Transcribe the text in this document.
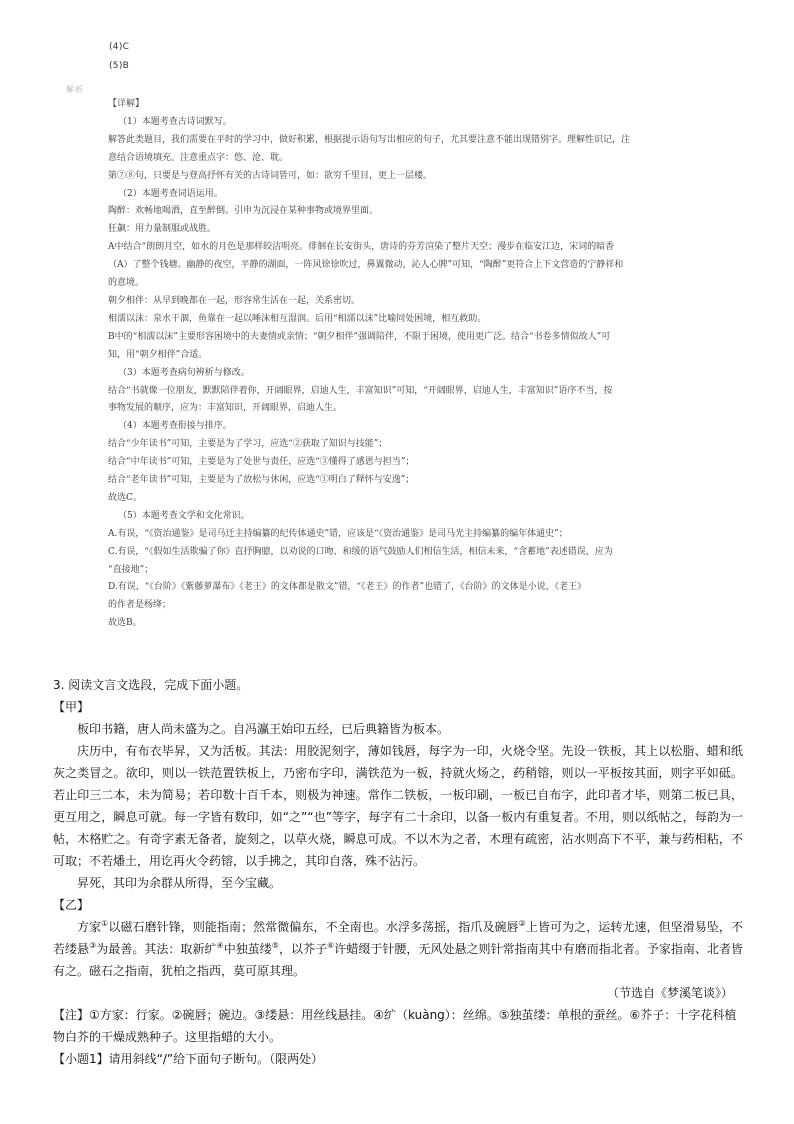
(4)C
(5)B
解析

【详解】

（1）本题考查古诗词默写。

解答此类题目，我们需要在平时的学习中，做好积累，根据提示语句写出相应的句子，尤其要注意不能出现错别字。理解性识记，注

意结合语境填充。注意重点字：悠、沧、耽。

第⑦⑧句，只要是与登高抒怀有关的古诗词皆可，如：欲穷千里目，更上一层楼。

（2）本题考查词语运用。

陶醉：欢畅地喝酒，直至醉倒。引申为沉浸在某种事物或境界里面。

狂飙：用力量制服或战胜。

A中结合“朗朗月空，如水的月色是那样皎洁明亮。徘徊在长安街头，唐诗的芬芳渲染了整片天空；漫步在临安江边，宋词的暗香

（A）了整个钱塘。幽静的夜空，平静的湖面，一阵风徐徐吹过，鼻翼微动，沁人心脾”可知，“陶醉”更符合上下文营造的宁静祥和

的意境。

朝夕相伴：从早到晚都在一起，形容常生活在一起，关系密切。

相濡以沫：泉水干涸，鱼靠在一起以唾沫相互湿润。后用“相濡以沫”比喻同处困境，相互救助。

B中的“相濡以沫”主要形容困境中的夫妻情或亲情；“朝夕相伴”强调陪伴，不限于困境，使用更广泛。结合“书卷多情似故人”可

知，用“朝夕相伴”合适。

（3）本题考查病句辨析与修改。

结合“书就像一位朋友，默默陪伴着你，开阔眼界，启迪人生，丰富知识”可知，“开阔眼界，启迪人生，丰富知识”语序不当，按

事物发展的顺序，应为：丰富知识，开阔眼界，启迪人生。

（4）本题考查衔接与排序。

结合“少年读书”可知，主要是为了学习，应选“②获取了知识与技能”；

结合“中年读书”可知，主要是为了处世与责任，应选“③懂得了感恩与担当”；

结合“老年读书”可知，主要是为了放松与休闲，应选“①明白了释怀与安逸”；

故选C。

（5）本题考查文学和文化常识。

A.有误，“《资治通鉴》是司马迁主持编纂的纪传体通史”错，应该是“《资治通鉴》是司马光主持编纂的编年体通史”；

C.有误，“《假如生活欺骗了你》直抒胸臆，以劝说的口吻、和缓的语气鼓励人们相信生活，相信未来，“含蓄地”表述错误，应为

“直接地”；

D.有误，“《台阶》《紫藤萝瀑布》《老王》的文体都是散文”错，“《老王》的作者”也错了，《台阶》的文体是小说，《老王》

的作者是杨绛；

故选B。

3. 阅读文言文选段，完成下面小题。

【甲】

板印书籍，唐人尚未盛为之。自冯瀛王始印五经，已后典籍皆为板本。

庆历中，有布衣毕昇，又为活板。其法：用胶泥刻字，薄如钱唇，每字为一印，火烧令坚。先设一铁板，其上以松脂、蜡和纸灰之类冒之。欲印，则以一铁范置铁板上，乃密布字印，满铁范为一板，持就火炀之，药稍镕，则以一平板按其面，则字平如砥。若止印三二本，未为简易；若印数十百千本，则极为神速。常作二铁板，一板印刷，一板已自布字，此印者才毕，则第二板已具，更互用之，瞬息可就。每一字皆有数印，如“之”“也”等字，每字有二十余印，以备一板内有重复者。不用，则以纸帖之，每韵为一帖，木格贮之。有奇字素无备者，旋刻之，以草火烧，瞬息可成。不以木为之者，木理有疏密，沾水则高下不平，兼与药相粘，不可取；不若燔土，用讫再火令药镕，以手拂之，其印自落，殊不沾污。

昇死，其印为余群从所得，至今宝藏。

【乙】

方家①以磁石磨针锋，则能指南；然常微偏东，不全南也。水浮多荡摇，指爪及碗唇②上皆可为之，运转尤速，但坚滑易坠，不若缕悬③为最善。其法：取新纩④中独茧缕⑤，以芥子⑥许蜡缀于针腰，无风处悬之则针常指南其中有磨而指北者。予家指南、北者皆有之。磁石之指南，犹柏之指西，莫可原其理。

（节选自《梦溪笔谈》）

【注】①方家：行家。②碗唇；碗边。③缕悬：用丝线悬挂。④纩（kuàng）：丝绵。⑤独茧缕：单根的蚕丝。⑥芥子：十字花科植物白芥的干燥成熟种子。这里指蜡的大小。

【小题1】请用斜线“/”给下面句子断句。（限两处）
